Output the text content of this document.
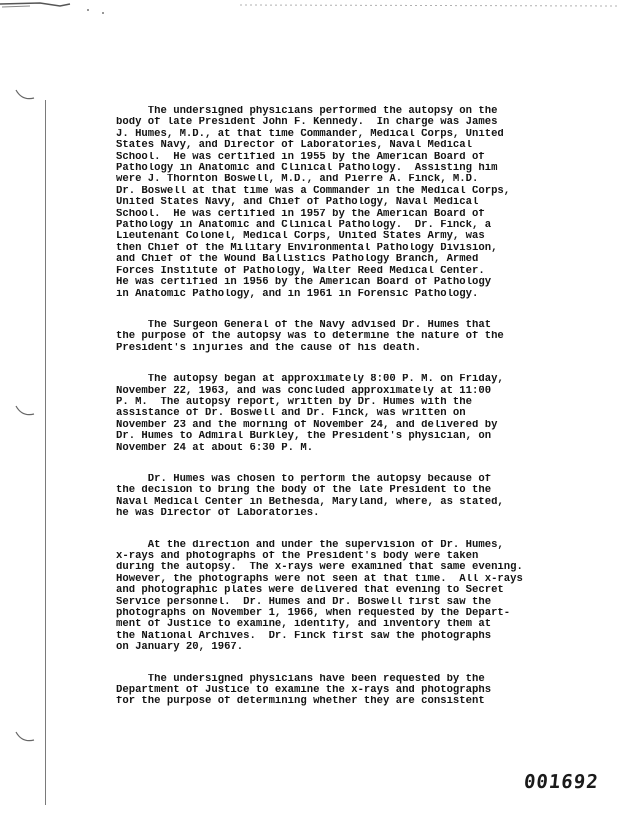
The undersigned physicians performed the autopsy on the
body of late President John F. Kennedy.  In charge was James
J. Humes, M.D., at that time Commander, Medical Corps, United
States Navy, and Director of Laboratories, Naval Medical
School.  He was certified in 1955 by the American Board of
Pathology in Anatomic and Clinical Pathology.  Assisting him
were J. Thornton Boswell, M.D., and Pierre A. Finck, M.D.
Dr. Boswell at that time was a Commander in the Medical Corps,
United States Navy, and Chief of Pathology, Naval Medical
School.  He was certified in 1957 by the American Board of
Pathology in Anatomic and Clinical Pathology.  Dr. Finck, a
Lieutenant Colonel, Medical Corps, United States Army, was
then Chief of the Military Environmental Pathology Division,
and Chief of the Wound Ballistics Pathology Branch, Armed
Forces Institute of Pathology, Walter Reed Medical Center.
He was certified in 1956 by the American Board of Pathology
in Anatomic Pathology, and in 1961 in Forensic Pathology.

The Surgeon General of the Navy advised Dr. Humes that
the purpose of the autopsy was to determine the nature of the
President's injuries and the cause of his death.

The autopsy began at approximately 8:00 P. M. on Friday,
November 22, 1963, and was concluded approximately at 11:00
P. M.  The autopsy report, written by Dr. Humes with the
assistance of Dr. Boswell and Dr. Finck, was written on
November 23 and the morning of November 24, and delivered by
Dr. Humes to Admiral Burkley, the President's physician, on
November 24 at about 6:30 P. M.

Dr. Humes was chosen to perform the autopsy because of
the decision to bring the body of the late President to the
Naval Medical Center in Bethesda, Maryland, where, as stated,
he was Director of Laboratories.

At the direction and under the supervision of Dr. Humes,
x-rays and photographs of the President's body were taken
during the autopsy.  The x-rays were examined that same evening.
However, the photographs were not seen at that time.  All x-rays
and photographic plates were delivered that evening to Secret
Service personnel.  Dr. Humes and Dr. Boswell first saw the
photographs on November 1, 1966, when requested by the Depart-
ment of Justice to examine, identify, and inventory them at
the National Archives.  Dr. Finck first saw the photographs
on January 20, 1967.

The undersigned physicians have been requested by the
Department of Justice to examine the x-rays and photographs
for the purpose of determining whether they are consistent

001692
